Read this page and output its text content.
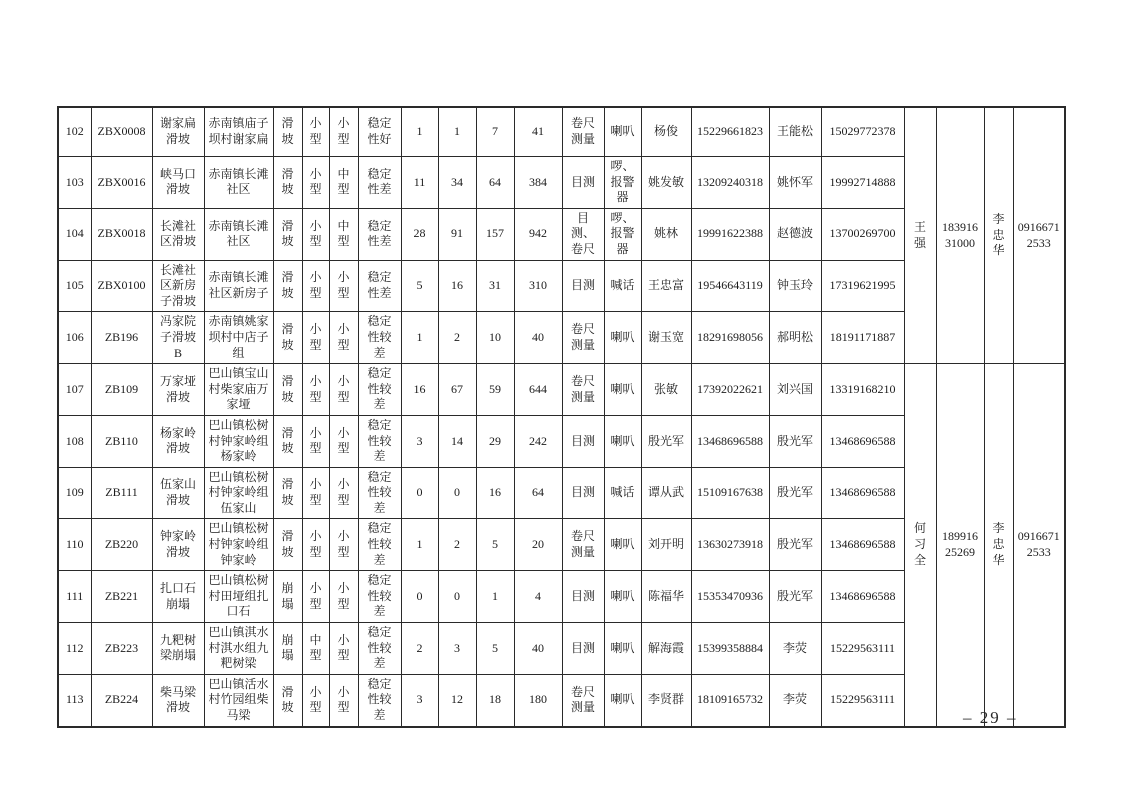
102	ZBX0008	谢家扁滑坡	赤南镇庙子坝村谢家扁	滑坡	小型	小型	稳定性好	1	1	7	41	卷尺测量	喇叭	杨俊	15229661823	王能松	15029772378	王强	18391631000	李忠华	09166712533
103	ZBX0016	峡马口滑坡	赤南镇长滩社区	滑坡	小型	中型	稳定性差	11	34	64	384	目测	啰、报警器	姚发敏	13209240318	姚怀军	19992714888				
104	ZBX0018	长滩社区滑坡	赤南镇长滩社区	滑坡	小型	中型	稳定性差	28	91	157	942	目测、卷尺	啰、报警器	姚林	19991622388	赵德波	13700269700				
105	ZBX0100	长滩社区新房子滑坡	赤南镇长滩社区新房子	滑坡	小型	小型	稳定性差	5	16	31	310	目测	喊话	王忠富	19546643119	钟玉玲	17319621995				
106	ZB196	冯家院子滑坡B	赤南镇姚家坝村中店子组	滑坡	小型	小型	稳定性较差	1	2	10	40	卷尺测量	喇叭	谢玉宽	18291698056	郝明松	18191171887				
107	ZB109	万家垭滑坡	巴山镇宝山村柴家庙万家垭	滑坡	小型	小型	稳定性较差	16	67	59	644	卷尺测量	喇叭	张敏	17392022621	刘兴国	13319168210	何习全	18991625269	李忠华	09166712533
108	ZB110	杨家岭滑坡	巴山镇松树村钟家岭组杨家岭	滑坡	小型	小型	稳定性较差	3	14	29	242	目测	喇叭	殷光军	13468696588	殷光军	13468696588				
109	ZB111	伍家山滑坡	巴山镇松树村钟家岭组伍家山	滑坡	小型	小型	稳定性较差	0	0	16	64	目测	喊话	谭从武	15109167638	殷光军	13468696588				
110	ZB220	钟家岭滑坡	巴山镇松树村钟家岭组钟家岭	滑坡	小型	小型	稳定性较差	1	2	5	20	卷尺测量	喇叭	刘开明	13630273918	殷光军	13468696588				
111	ZB221	扎口石崩塌	巴山镇松树村田垭组扎口石	崩塌	小型	小型	稳定性较差	0	0	1	4	目测	喇叭	陈福华	15353470936	殷光军	13468696588				
112	ZB223	九粑树梁崩塌	巴山镇淇水村淇水组九粑树梁	崩塌	中型	小型	稳定性较差	2	3	5	40	目测	喇叭	解海霞	15399358884	李荧	15229563111				
113	ZB224	柴马梁滑坡	巴山镇活水村竹园组柴马梁	滑坡	小型	小型	稳定性较差	3	12	18	180	卷尺测量	喇叭	李贤群	18109165732	李荧	15229563111				
– 29 –
